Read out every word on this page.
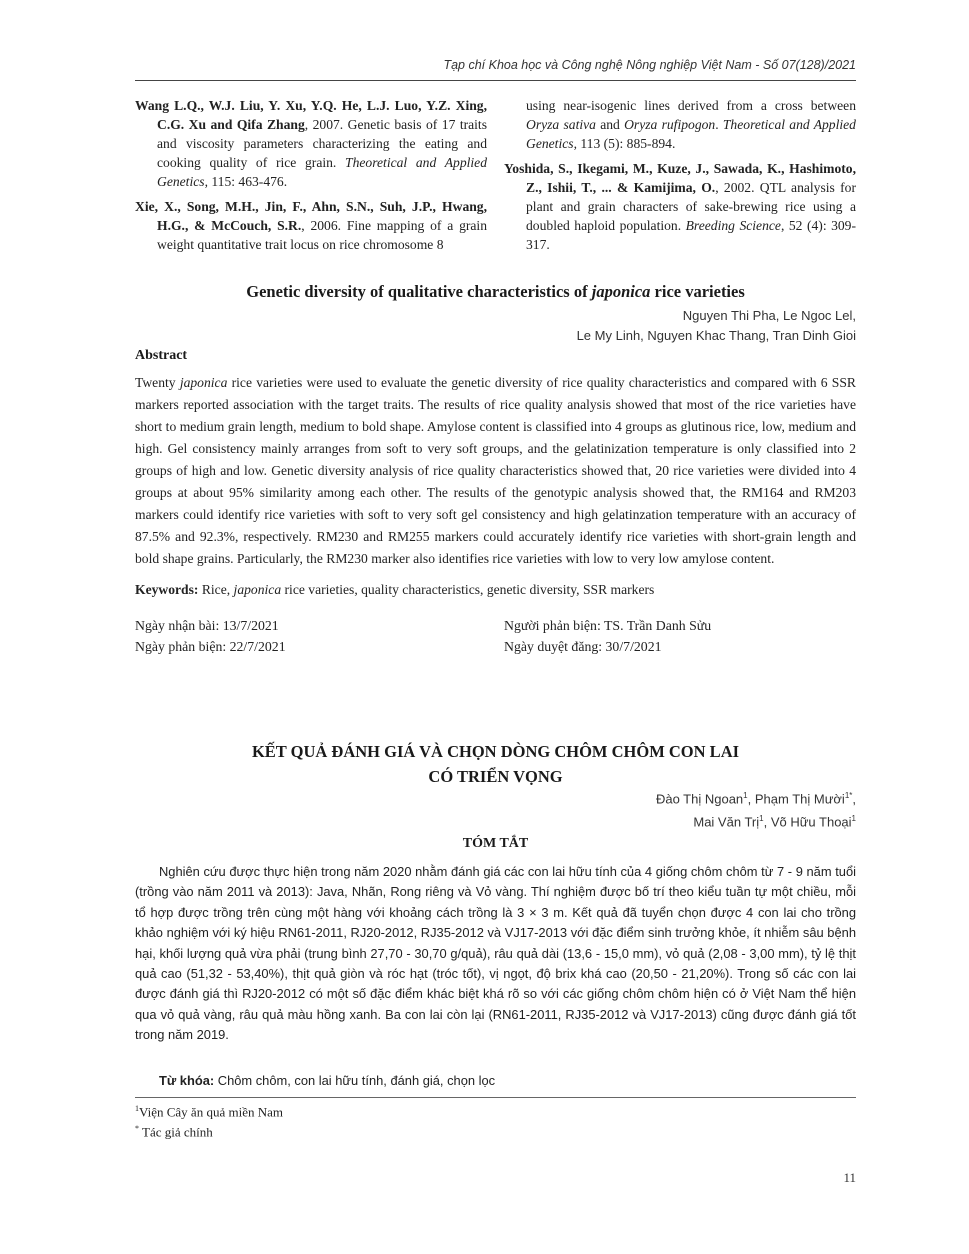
Tạp chí Khoa học và Công nghệ Nông nghiệp Việt Nam - Số 07(128)/2021

Wang L.Q., W.J. Liu, Y. Xu, Y.Q. He, L.J. Luo, Y.Z. Xing, C.G. Xu and Qifa Zhang, 2007. Genetic basis of 17 traits and viscosity parameters characterizing the eating and cooking quality of rice grain. Theoretical and Applied Genetics, 115: 463-476.

Xie, X., Song, M.H., Jin, F., Ahn, S.N., Suh, J.P., Hwang, H.G., & McCouch, S.R., 2006. Fine mapping of a grain weight quantitative trait locus on rice chromosome 8

using near-isogenic lines derived from a cross between Oryza sativa and Oryza rufipogon. Theoretical and Applied Genetics, 113 (5): 885-894.

Yoshida, S., Ikegami, M., Kuze, J., Sawada, K., Hashimoto, Z., Ishii, T., ... & Kamijima, O., 2002. QTL analysis for plant and grain characters of sake-brewing rice using a doubled haploid population. Breeding Science, 52 (4): 309-317.

Genetic diversity of qualitative characteristics of japonica rice varieties
Nguyen Thi Pha, Le Ngoc Lel,
Le My Linh, Nguyen Khac Thang, Tran Dinh Gioi
Abstract

Twenty japonica rice varieties were used to evaluate the genetic diversity of rice quality characteristics and compared with 6 SSR markers reported association with the target traits. The results of rice quality analysis showed that most of the rice varieties have short to medium grain length, medium to bold shape. Amylose content is classified into 4 groups as glutinous rice, low, medium and high. Gel consistency mainly arranges from soft to very soft groups, and the gelatinization temperature is only classified into 2 groups of high and low. Genetic diversity analysis of rice quality characteristics showed that, 20 rice varieties were divided into 4 groups at about 95% similarity among each other. The results of the genotypic analysis showed that, the RM164 and RM203 markers could identify rice varieties with soft to very soft gel consistency and high gelatinzation temperature with an accuracy of 87.5% and 92.3%, respectively. RM230 and RM255 markers could accurately identify rice varieties with short-grain length and bold shape grains. Particularly, the RM230 marker also identifies rice varieties with low to very low amylose content.

Keywords: Rice, japonica rice varieties, quality characteristics, genetic diversity, SSR markers
Ngày nhận bài: 13/7/2021
Ngày phản biện: 22/7/2021
Người phản biện: TS. Trần Danh Sửu
Ngày duyệt đăng: 30/7/2021
KẾT QUẢ ĐÁNH GIÁ VÀ CHỌN DÒNG CHÔM CHÔM CON LAI
CÓ TRIỂN VỌNG
Đào Thị Ngoan$^1$, Phạm Thị Mười$^{1*}$,
Mai Văn Trị$^1$, Võ Hữu Thoại$^1$
TÓM TẮT

Nghiên cứu được thực hiện trong năm 2020 nhằm đánh giá các con lai hữu tính của 4 giống chôm chôm từ 7 - 9 năm tuổi (trồng vào năm 2011 và 2013): Java, Nhãn, Rong riêng và Vỏ vàng. Thí nghiệm được bố trí theo kiểu tuần tự một chiều, mỗi tổ hợp được trồng trên cùng một hàng với khoảng cách trồng là 3 × 3 m. Kết quả đã tuyển chọn được 4 con lai cho trồng khảo nghiệm với ký hiệu RN61-2011, RJ20-2012, RJ35-2012 và VJ17-2013 với đặc điểm sinh trưởng khỏe, ít nhiễm sâu bệnh hại, khối lượng quả vừa phải (trung bình 27,70 - 30,70 g/quả), râu quả dài (13,6 - 15,0 mm), vỏ quả (2,08 - 3,00 mm), tỷ lệ thịt quả cao (51,32 - 53,40%), thịt quả giòn và róc hạt (tróc tốt), vị ngọt, độ brix khá cao (20,50 - 21,20%). Trong số các con lai được đánh giá thì RJ20-2012 có một số đặc điểm khác biệt khá rõ so với các giống chôm chôm hiện có ở Việt Nam thể hiện qua vỏ quả vàng, râu quả màu hồng xanh. Ba con lai còn lại (RN61-2011, RJ35-2012 và VJ17-2013) cũng được đánh giá tốt trong năm 2019.

Từ khóa: Chôm chôm, con lai hữu tính, đánh giá, chọn lọc
$^1$Viện Cây ăn quả miền Nam
* Tác giả chính
11
